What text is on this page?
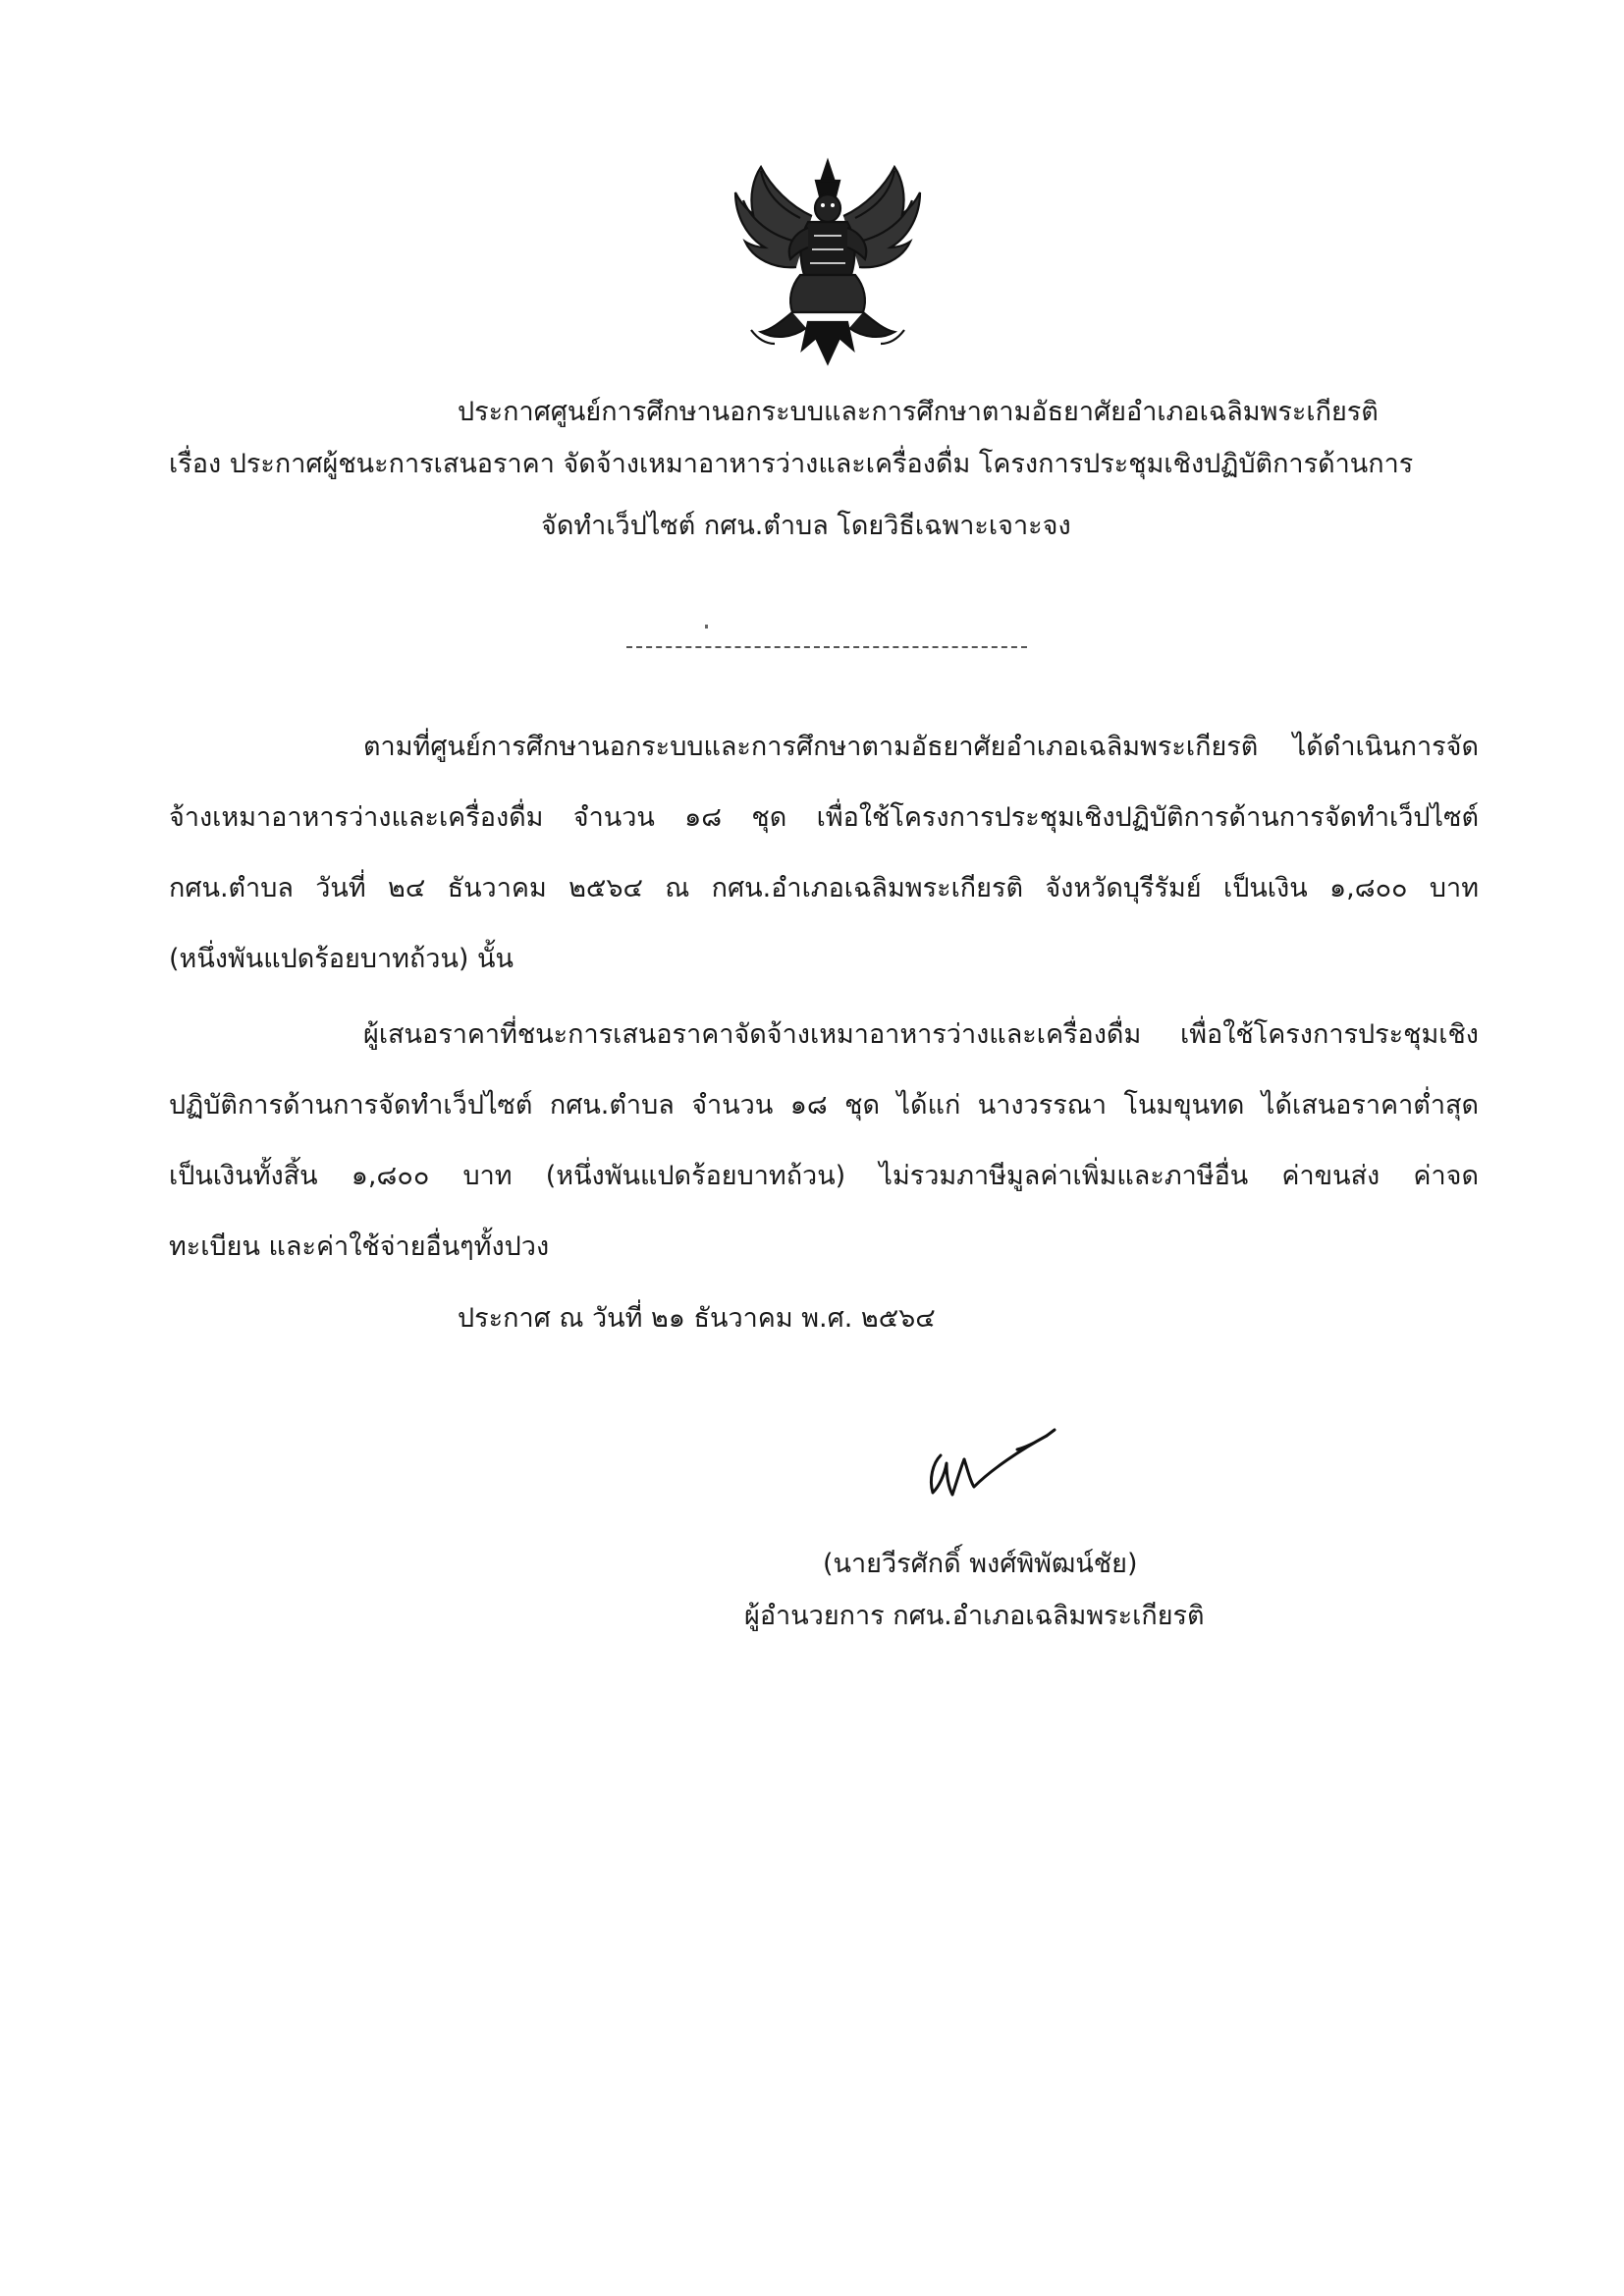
ประกาศศูนย์การศึกษานอกระบบและการศึกษาตามอัธยาศัยอำเภอเฉลิมพระเกียรติ
เรื่อง ประกาศผู้ชนะการเสนอราคา จัดจ้างเหมาอาหารว่างและเครื่องดื่ม โครงการประชุมเชิงปฏิบัติการด้านการ
จัดทำเว็ปไซต์ กศน.ตำบล โดยวิธีเฉพาะเจาะจง
ตามที่ศูนย์การศึกษานอกระบบและการศึกษาตามอัธยาศัยอำเภอเฉลิมพระเกียรติ ได้ดำเนินการจัด
จ้างเหมาอาหารว่างและเครื่องดื่ม จำนวน ๑๘ ชุด เพื่อใช้โครงการประชุมเชิงปฏิบัติการด้านการจัดทำเว็ปไซต์
กศน.ตำบล วันที่ ๒๔ ธันวาคม ๒๕๖๔ ณ กศน.อำเภอเฉลิมพระเกียรติ จังหวัดบุรีรัมย์ เป็นเงิน ๑,๘๐๐ บาท
(หนึ่งพันแปดร้อยบาทถ้วน) นั้น
ผู้เสนอราคาที่ชนะการเสนอราคาจัดจ้างเหมาอาหารว่างและเครื่องดื่ม เพื่อใช้โครงการประชุมเชิง
ปฏิบัติการด้านการจัดทำเว็ปไซต์ กศน.ตำบล จำนวน ๑๘ ชุด ได้แก่ นางวรรณา โนมขุนทด ได้เสนอราคาต่ำสุด
เป็นเงินทั้งสิ้น ๑,๘๐๐ บาท (หนึ่งพันแปดร้อยบาทถ้วน) ไม่รวมภาษีมูลค่าเพิ่มและภาษีอื่น ค่าขนส่ง ค่าจด
ทะเบียน และค่าใช้จ่ายอื่นๆทั้งปวง
ประกาศ ณ วันที่ ๒๑ ธันวาคม พ.ศ. ๒๕๖๔
(นายวีรศักดิ์ พงศ์พิพัฒน์ชัย)
ผู้อำนวยการ กศน.อำเภอเฉลิมพระเกียรติ
